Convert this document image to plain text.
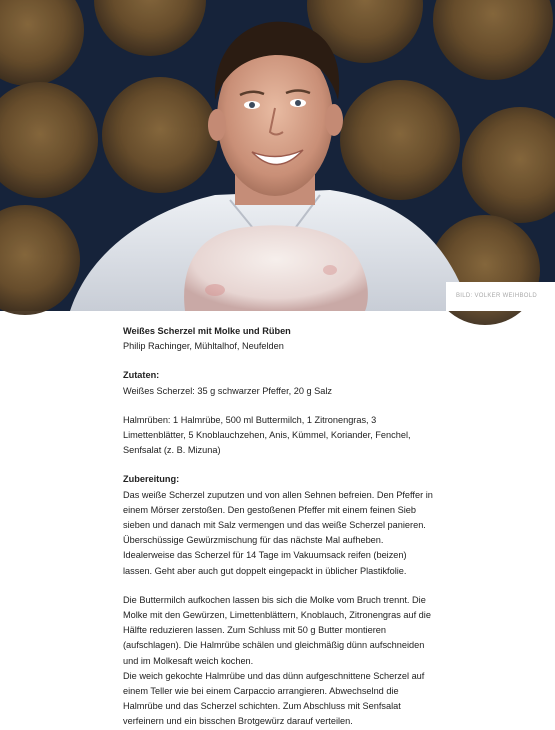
BILD: VOLKER WEIHBOLD

Weißes Scherzel mit Molke und Rüben

Philip Rachinger, Mühltalhof, Neufelden

Zutaten:

Weißes Scherzel: 35 g schwarzer Pfeffer, 20 g Salz

Halmrüben: 1 Halmrübe, 500 ml Buttermilch, 1 Zitronengras, 3 Limettenblätter, 5 Knoblauchzehen, Anis, Kümmel, Koriander, Fenchel, Senfsalat (z. B. Mizuna)

Zubereitung:

Das weiße Scherzel zuputzen und von allen Sehnen befreien. Den Pfeffer in einem Mörser zerstoßen. Den gestoßenen Pfeffer mit einem feinen Sieb sieben und danach mit Salz vermengen und das weiße Scherzel panieren. Überschüssige Gewürzmischung für das nächste Mal aufheben. Idealerweise das Scherzel für 14 Tage im Vakuumsack reifen (beizen) lassen. Geht aber auch gut doppelt eingepackt in üblicher Plastikfolie.

Die Buttermilch aufkochen lassen bis sich die Molke vom Bruch trennt. Die Molke mit den Gewürzen, Limettenblättern, Knoblauch, Zitronengras auf die Hälfte reduzieren lassen. Zum Schluss mit 50 g Butter montieren (aufschlagen). Die Halmrübe schälen und gleichmäßig dünn aufschneiden und im Molkesaft weich kochen.

Die weich gekochte Halmrübe und das dünn aufgeschnittene Scherzel auf einem Teller wie bei einem Carpaccio arrangieren. Abwechselnd die Halmrübe und das Scherzel schichten. Zum Abschluss mit Senfsalat verfeinern und ein bisschen Brotgewürz darauf verteilen.
